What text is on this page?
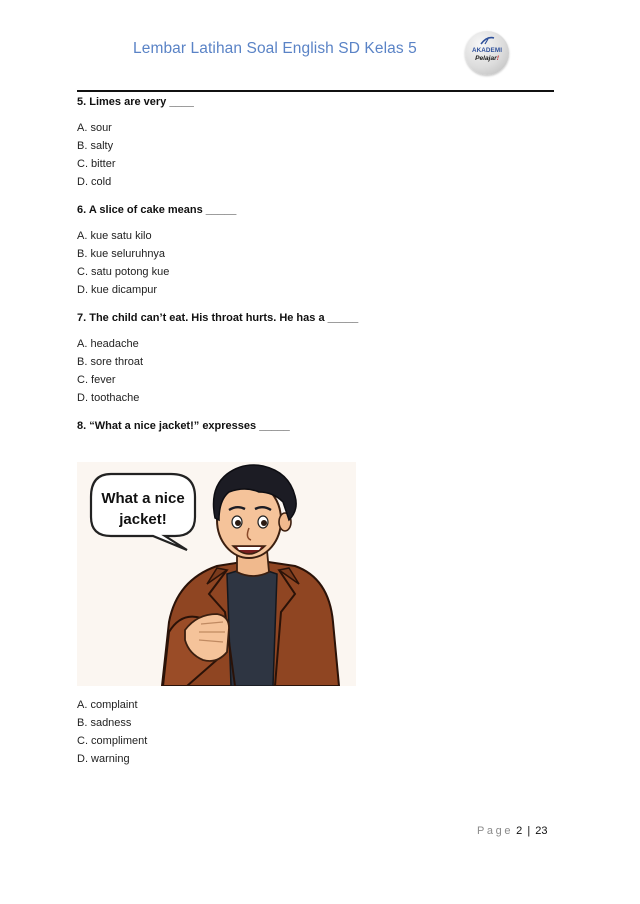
Lembar Latihan Soal English SD Kelas 5	AKADEMI
Pelajar!
5. Limes are very ____
A. sour
B. salty
C. bitter
D. cold
6. A slice of cake means _____
A. kue satu kilo
B. kue seluruhnya
C. satu potong kue
D. kue dicampur
7. The child can’t eat. His throat hurts. He has a _____
A. headache
B. sore throat
C. fever
D. toothache
8. “What a nice jacket!” expresses _____
What a nice
jacket!
A. complaint
B. sadness
C. compliment
D. warning
Page 2 | 23
